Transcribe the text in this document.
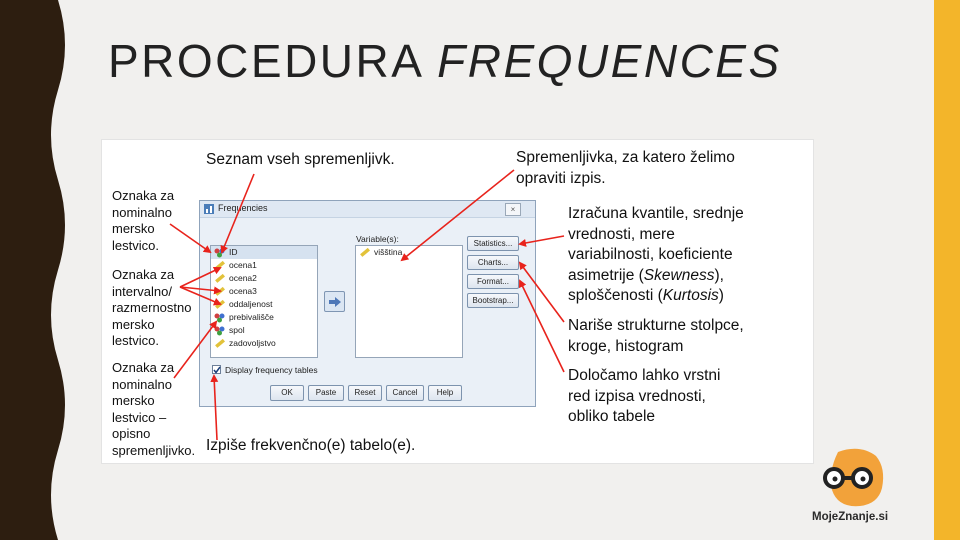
PROCEDURA FREQUENCES
Oznaka za
nominalno
mersko
lestvico.
Oznaka za
intervalno/
razmernostno
mersko
lestvico.
Oznaka za
nominalno
mersko
lestvico –
opisno
spremenljivko.
Seznam vseh spremenljivk.	Spremenljivka, za katero želimo
opraviti izpis.
Izračuna kvantile, srednje
vrednosti, mere
variabilnosti, koeficiente
asimetrije (Skewness),
sploščenosti (Kurtosis)
Nariše strukturne stolpce,
kroge, histogram
Določamo lahko vrstni
red izpisa vrednosti,
obliko tabele
Izpiše frekvenčno(e) tabelo(e).
Frequencies	×
ID
ocena1
ocena2
ocena3
oddaljenost
prebivališče
spol
zadovoljstvo
Variable(s):
višština
Statistics...
Charts...
Format...
Bootstrap...
Display frequency tables
OK	Paste	Reset	Cancel	Help
MojeZnanje.si
